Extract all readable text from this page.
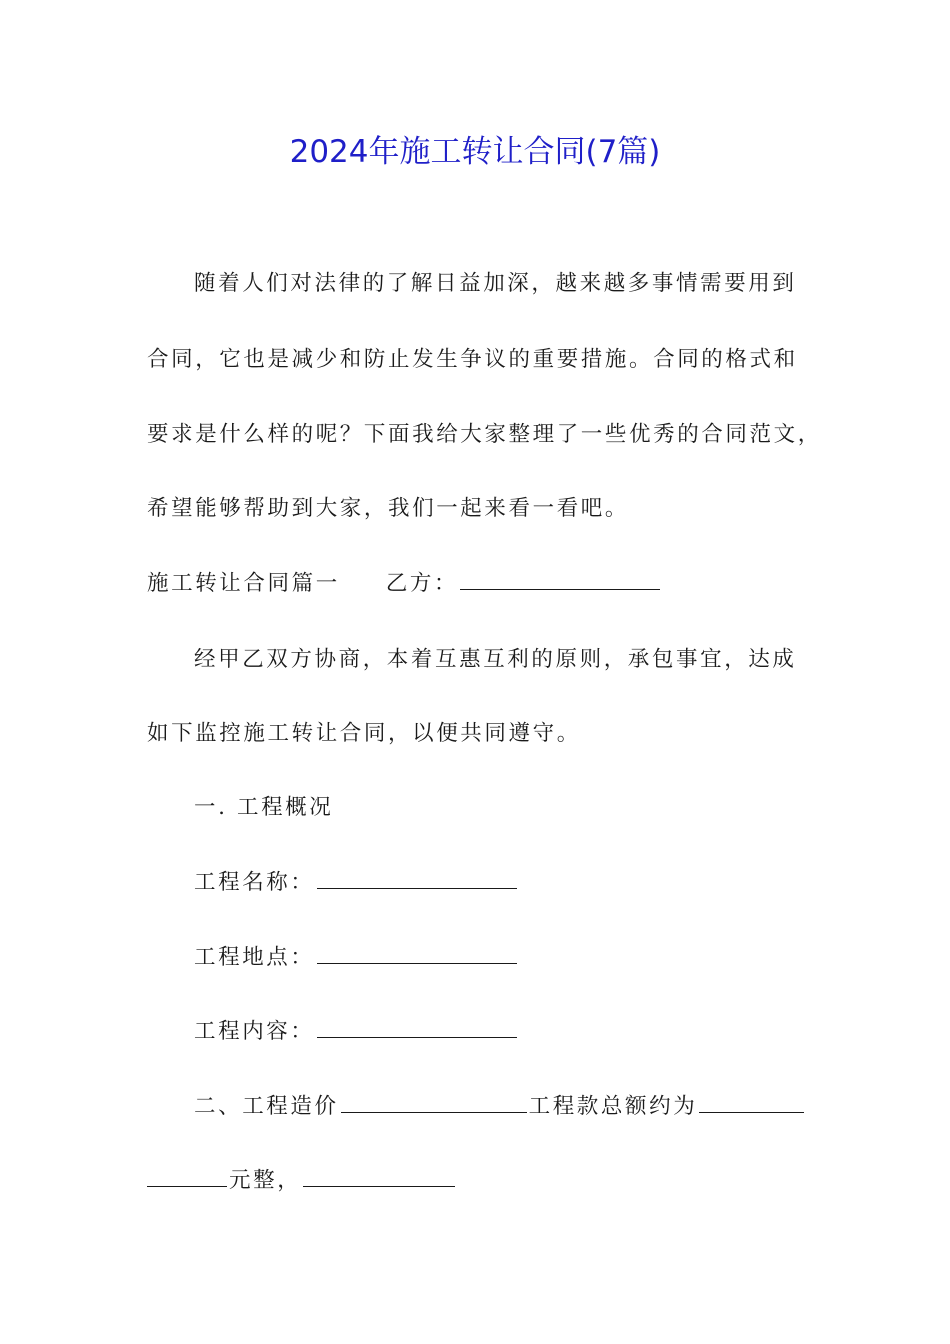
2024年施工转让合同(7篇)
随着人们对法律的了解日益加深，越来越多事情需要用到
合同，它也是减少和防止发生争议的重要措施。合同的格式和
要求是什么样的呢？下面我给大家整理了一些优秀的合同范文，
希望能够帮助到大家，我们一起来看一看吧。
施工转让合同篇一 乙方：
经甲乙双方协商，本着互惠互利的原则，承包事宜，达成
如下监控施工转让合同，以便共同遵守。
一. 工程概况
工程名称：
工程地点：
工程内容：
二、工程造价	工程款总额约为
元整，
